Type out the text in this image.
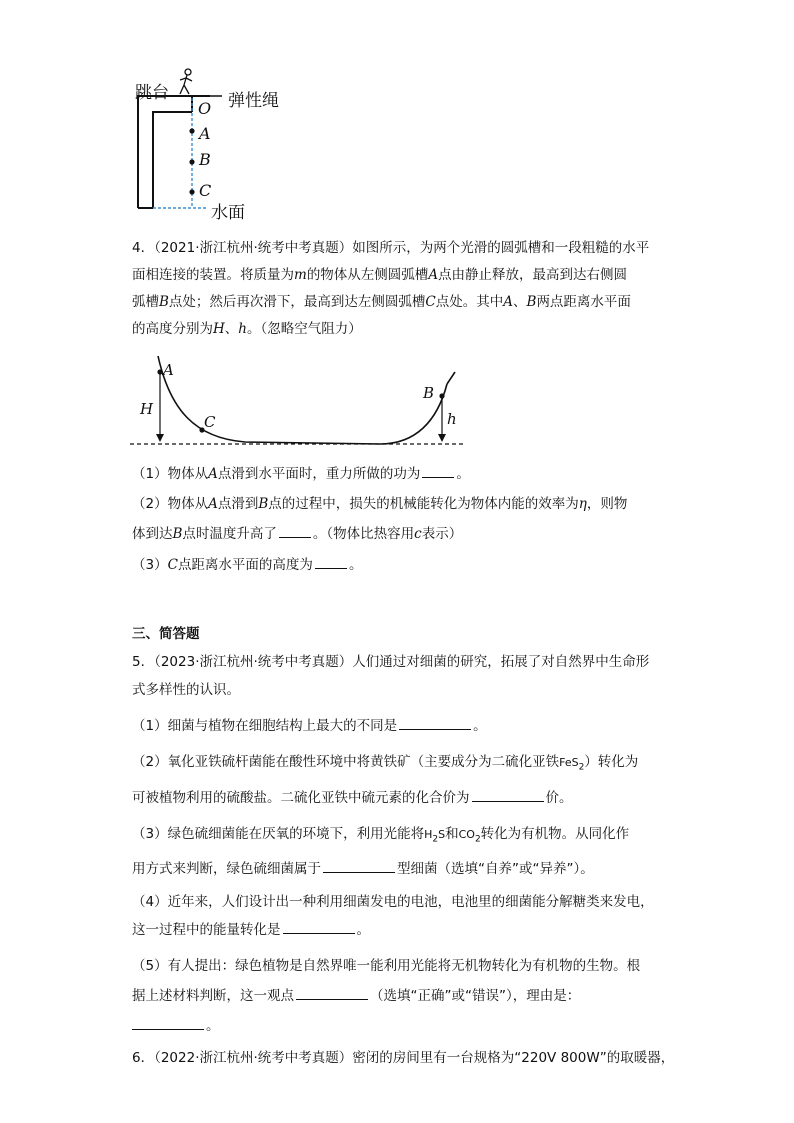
跳台	弹性绳
O
A
B
C
水面
4．（2021·浙江杭州·统考中考真题）如图所示，为两个光滑的圆弧槽和一段粗糙的水平
面相连接的装置。将质量为m的物体从左侧圆弧槽A点由静止释放，最高到达右侧圆
弧槽B点处；然后再次滑下，最高到达左侧圆弧槽C点处。其中A、B两点距离水平面
的高度分别为H、h。（忽略空气阻力）
A
H
C
B
h
（1）物体从A点滑到水平面时，重力所做的功为	。
（2）物体从A点滑到B点的过程中，损失的机械能转化为物体内能的效率为η，则物
体到达B点时温度升高了	。（物体比热容用c表示）
（3）C点距离水平面的高度为	。
三、简答题
5．（2023·浙江杭州·统考中考真题）人们通过对细菌的研究，拓展了对自然界中生命形
式多样性的认识。
（1）细菌与植物在细胞结构上最大的不同是	。
（2）氧化亚铁硫杆菌能在酸性环境中将黄铁矿（主要成分为二硫化亚铁FeS$_2$）转化为
可被植物利用的硫酸盐。二硫化亚铁中硫元素的化合价为	价。
（3）绿色硫细菌能在厌氧的环境下，利用光能将$H_2S$和$CO_2$转化为有机物。从同化作
用方式来判断，绿色硫细菌属于	型细菌（选填“自养”或“异养”）。
（4）近年来，人们设计出一种利用细菌发电的电池，电池里的细菌能分解糖类来发电，
这一过程中的能量转化是	。
（5）有人提出：绿色植物是自然界唯一能利用光能将无机物转化为有机物的生物。根
据上述材料判断，这一观点	（选填“正确”或“错误”），理由是：
。
6．（2022·浙江杭州·统考中考真题）密闭的房间里有一台规格为“220V 800W”的取暖器，
